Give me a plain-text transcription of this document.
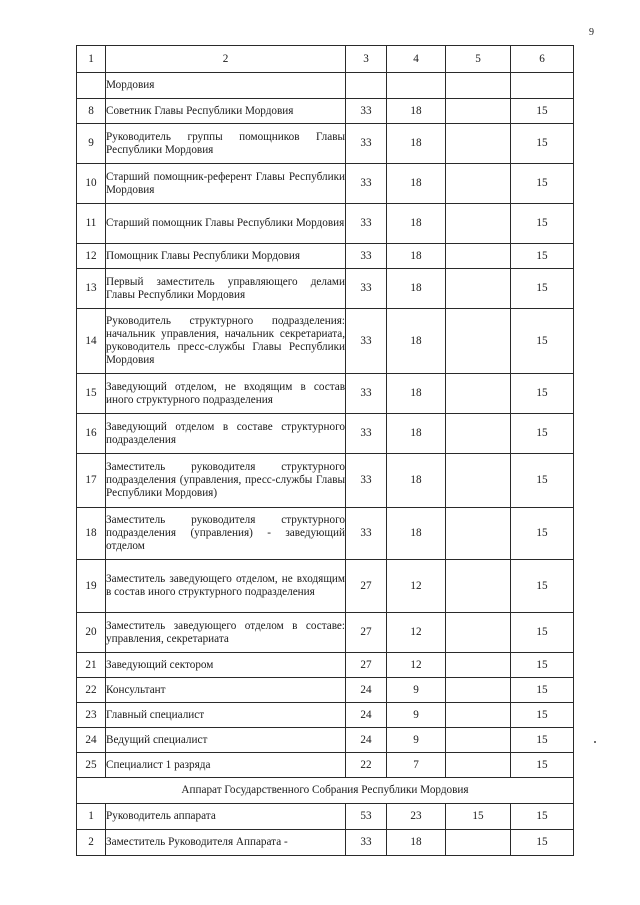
9
1	2	3	4	5	6
	Мордовия				
8	Советник Главы Республики Мордовия	33	18		15
9	Руководитель группы помощников Главы Республики Мордовия	33	18		15
10	Старший помощник-референт Главы Республики Мордовия	33	18		15
11	Старший помощник Главы Республики Мордовия	33	18		15
12	Помощник Главы Республики Мордовия	33	18		15
13	Первый заместитель управляющего делами Главы Республики Мордовия	33	18		15
14	Руководитель структурного подразделения: начальник управления, начальник секретариата, руководитель пресс-службы Главы Республики Мордовия	33	18		15
15	Заведующий отделом, не входящим в состав иного структурного подразделения	33	18		15
16	Заведующий отделом в составе структурного подразделения	33	18		15
17	Заместитель руководителя структурного подразделения (управления, пресс-службы Главы Республики Мордовия)	33	18		15
18	Заместитель руководителя структурного подразделения (управления) - заведующий отделом	33	18		15
19	Заместитель заведующего отделом, не входящим в состав иного структурного подразделения	27	12		15
20	Заместитель заведующего отделом в составе: управления, секретариата	27	12		15
21	Заведующий сектором	27	12		15
22	Консультант	24	9		15
23	Главный специалист	24	9		15
24	Ведущий специалист	24	9		15
25	Специалист 1 разряда	22	7		15
Аппарат Государственного Собрания Республики Мордовия					
1	Руководитель аппарата	53	23	15	15
2	Заместитель Руководителя Аппарата -	33	18		15
